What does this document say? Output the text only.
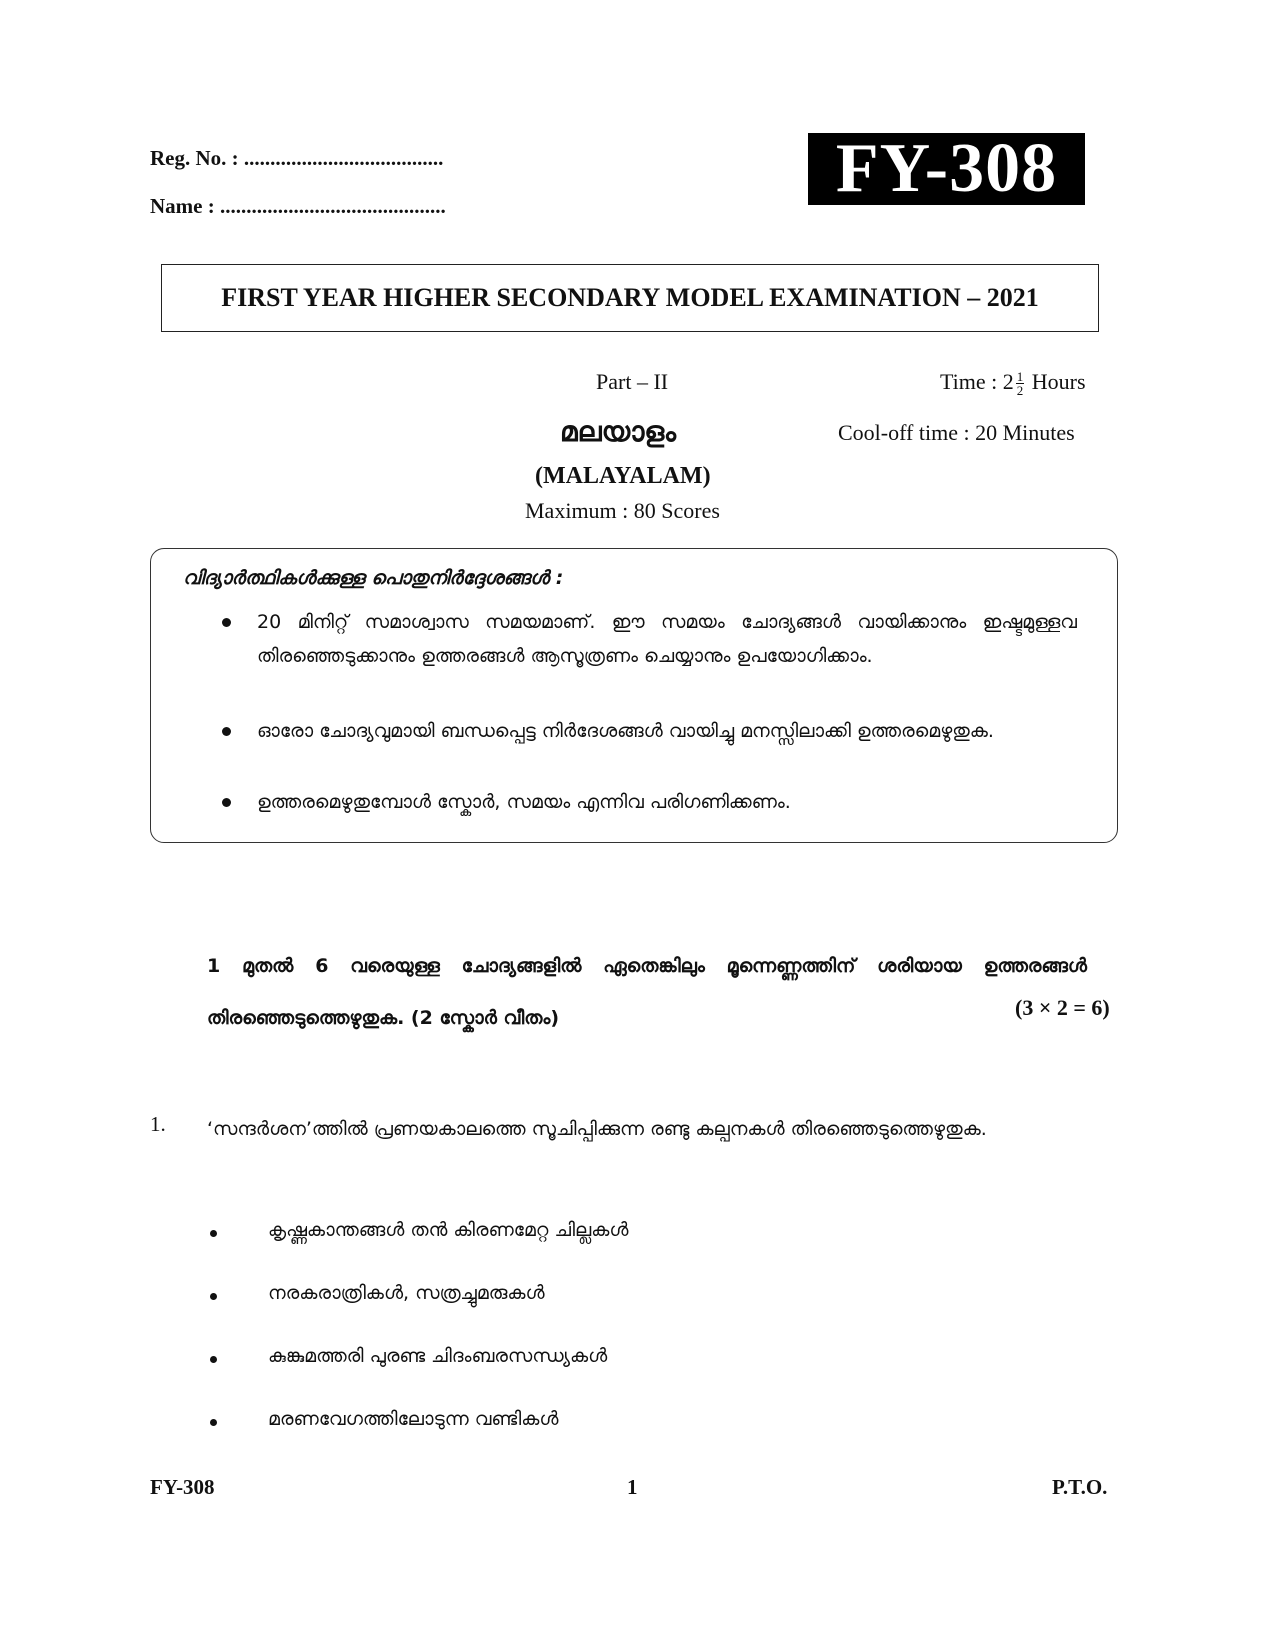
Reg. No. : ......................................
Name : ...........................................	FY-308
FIRST YEAR HIGHER SECONDARY MODEL EXAMINATION – 2021
Part – II	Time : $2 \frac{1}{2}$ Hours
മലയാളം	Cool-off time : 20 Minutes
(MALAYALAM)
Maximum : 80 Scores
വിദ്യാർത്ഥികൾക്കുള്ള പൊതുനിർദ്ദേശങ്ങൾ :
20 മിനിറ്റ് സമാശ്വാസ സമയമാണ്. ഈ സമയം ചോദ്യങ്ങൾ വായിക്കാനും ഇഷ്ടമുള്ളവ തിരഞ്ഞെടുക്കാനും ഉത്തരങ്ങൾ ആസൂത്രണം ചെയ്യാനും ഉപയോഗിക്കാം.
ഓരോ ചോദ്യവുമായി ബന്ധപ്പെട്ട നിർദേശങ്ങൾ വായിച്ചു മനസ്സിലാക്കി ഉത്തരമെഴുതുക.
ഉത്തരമെഴുതുമ്പോൾ സ്കോർ, സമയം എന്നിവ പരിഗണിക്കണം.
1 മുതൽ 6 വരെയുള്ള ചോദ്യങ്ങളിൽ ഏതെങ്കിലും മൂന്നെണ്ണത്തിന് ശരിയായ ഉത്തരങ്ങൾ തിരഞ്ഞെടുത്തെഴുതുക. (2 സ്കോർ വീതം)	(3 × 2 = 6)
1. ‘സന്ദർശന’ത്തിൽ പ്രണയകാലത്തെ സൂചിപ്പിക്കുന്ന രണ്ടു കല്പനകൾ തിരഞ്ഞെടുത്തെഴുതുക.
കൃഷ്ണകാന്തങ്ങൾ തൻ കിരണമേറ്റ ചില്ലകൾ
നരകരാത്രികൾ, സത്രച്ചുമരുകൾ
കുങ്കുമത്തരി പുരണ്ട ചിദംബരസന്ധ്യകൾ
മരണവേഗത്തിലോടുന്ന വണ്ടികൾ
FY-308	1	P.T.O.
